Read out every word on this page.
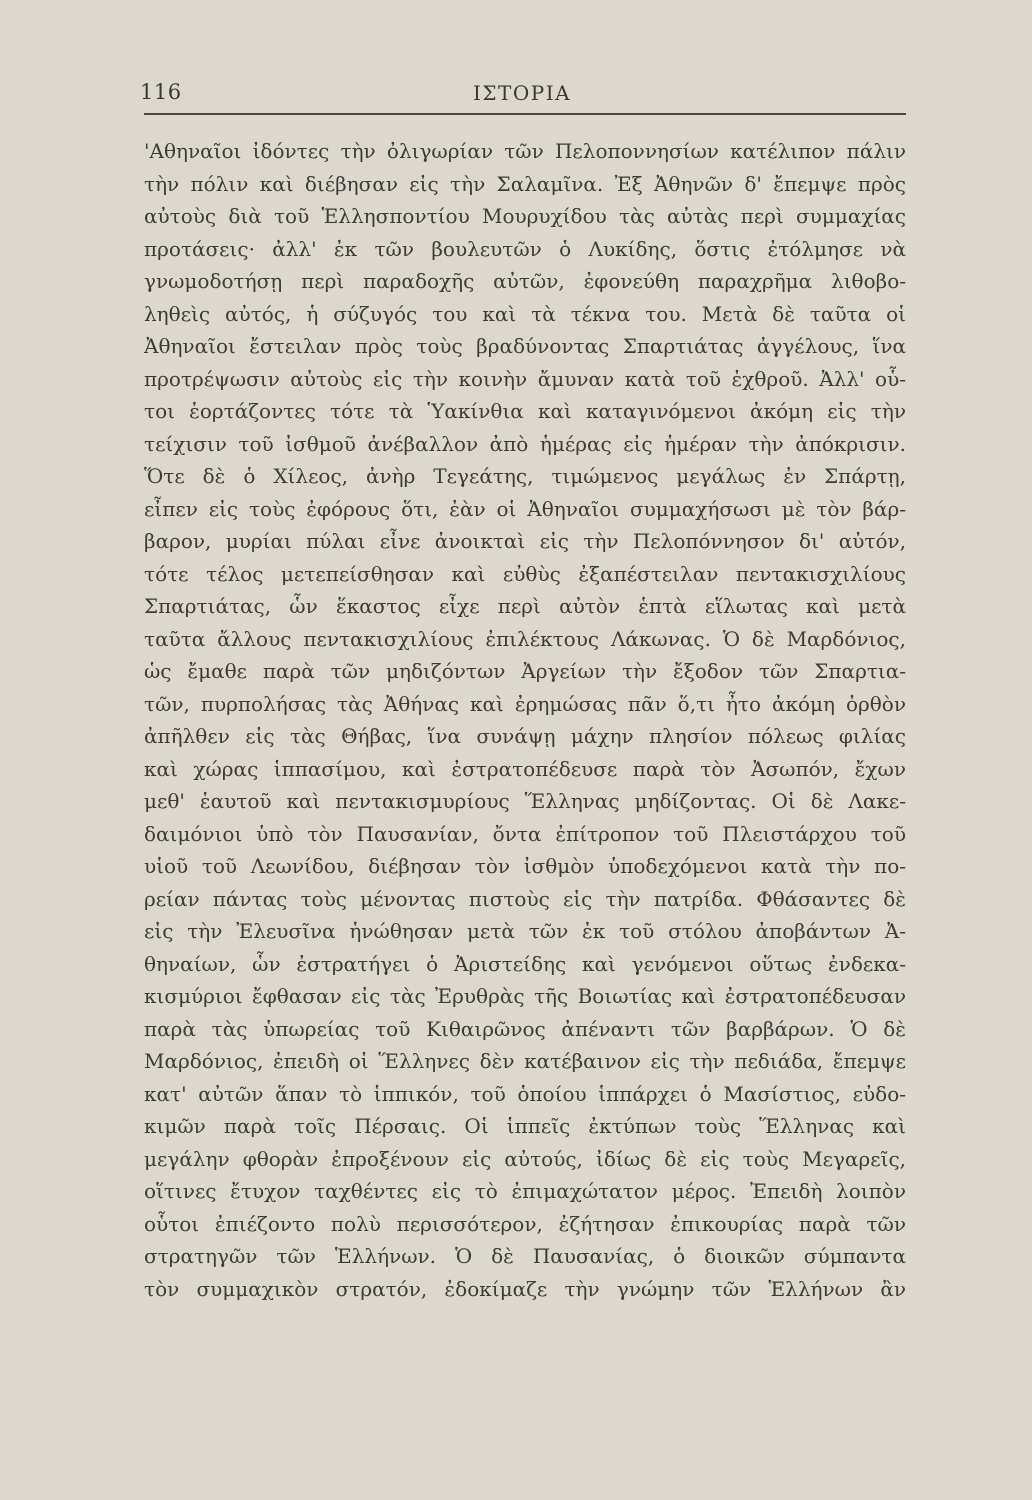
116	ΙΣΤΟΡΙΑ
'Αθηναῖοι ἰδόντες τὴν ὀλιγωρίαν τῶν Πελοποννησίων κατέλιπον πάλιν
τὴν πόλιν καὶ διέβησαν εἰς τὴν Σαλαμῖνα. Ἐξ Ἀθηνῶν δ' ἔπεμψε πρὸς
αὐτοὺς διὰ τοῦ Ἑλλησποντίου Μουρυχίδου τὰς αὐτὰς περὶ συμμαχίας
προτάσεις· ἀλλ' ἐκ τῶν βουλευτῶν ὁ Λυκίδης, ὅστις ἐτόλμησε νὰ
γνωμοδοτήσῃ περὶ παραδοχῆς αὐτῶν, ἐφονεύθη παραχρῆμα λιθοβο-
ληθεὶς αὐτός, ἡ σύζυγός του καὶ τὰ τέκνα του. Μετὰ δὲ ταῦτα οἱ
Ἀθηναῖοι ἔστειλαν πρὸς τοὺς βραδύνοντας Σπαρτιάτας ἀγγέλους, ἵνα
προτρέψωσιν αὐτοὺς εἰς τὴν κοινὴν ἄμυναν κατὰ τοῦ ἐχθροῦ. Ἀλλ' οὗ-
τοι ἑορτάζοντες τότε τὰ Ὑακίνθια καὶ καταγινόμενοι ἀκόμη εἰς τὴν
τείχισιν τοῦ ἰσθμοῦ ἀνέβαλλον ἀπὸ ἡμέρας εἰς ἡμέραν τὴν ἀπόκρισιν.
Ὅτε δὲ ὁ Χίλεος, ἀνὴρ Τεγεάτης, τιμώμενος μεγάλως ἐν Σπάρτῃ,
εἶπεν εἰς τοὺς ἐφόρους ὅτι, ἐὰν οἱ Ἀθηναῖοι συμμαχήσωσι μὲ τὸν βάρ-
βαρον, μυρίαι πύλαι εἶνε ἀνοικταὶ εἰς τὴν Πελοπόννησον δι' αὐτόν,
τότε τέλος μετεπείσθησαν καὶ εὐθὺς ἐξαπέστειλαν πεντακισχιλίους
Σπαρτιάτας, ὧν ἕκαστος εἶχε περὶ αὐτὸν ἑπτὰ εἵλωτας καὶ μετὰ
ταῦτα ἄλλους πεντακισχιλίους ἐπιλέκτους Λάκωνας. Ὁ δὲ Μαρδόνιος,
ὡς ἔμαθε παρὰ τῶν μηδιζόντων Ἀργείων τὴν ἔξοδον τῶν Σπαρτια-
τῶν, πυρπολήσας τὰς Ἀθήνας καὶ ἐρημώσας πᾶν ὅ,τι ἦτο ἀκόμη ὀρθὸν
ἀπῆλθεν εἰς τὰς Θήβας, ἵνα συνάψῃ μάχην πλησίον πόλεως φιλίας
καὶ χώρας ἱππασίμου, καὶ ἐστρατοπέδευσε παρὰ τὸν Ἀσωπόν, ἔχων
μεθ' ἑαυτοῦ καὶ πεντακισμυρίους Ἕλληνας μηδίζοντας. Οἱ δὲ Λακε-
δαιμόνιοι ὑπὸ τὸν Παυσανίαν, ὄντα ἐπίτροπον τοῦ Πλειστάρχου τοῦ
υἱοῦ τοῦ Λεωνίδου, διέβησαν τὸν ἰσθμὸν ὑποδεχόμενοι κατὰ τὴν πο-
ρείαν πάντας τοὺς μένοντας πιστοὺς εἰς τὴν πατρίδα. Φθάσαντες δὲ
εἰς τὴν Ἐλευσῖνα ἡνώθησαν μετὰ τῶν ἐκ τοῦ στόλου ἀποβάντων Ἀ-
θηναίων, ὧν ἐστρατήγει ὁ Ἀριστείδης καὶ γενόμενοι οὕτως ἐνδεκα-
κισμύριοι ἔφθασαν εἰς τὰς Ἐρυθρὰς τῆς Βοιωτίας καὶ ἐστρατοπέδευσαν
παρὰ τὰς ὑπωρείας τοῦ Κιθαιρῶνος ἀπέναντι τῶν βαρβάρων. Ὁ δὲ
Μαρδόνιος, ἐπειδὴ οἱ Ἕλληνες δὲν κατέβαινον εἰς τὴν πεδιάδα, ἔπεμψε
κατ' αὐτῶν ἅπαν τὸ ἱππικόν, τοῦ ὁποίου ἱππάρχει ὁ Μασίστιος, εὐδο-
κιμῶν παρὰ τοῖς Πέρσαις. Οἱ ἱππεῖς ἐκτύπων τοὺς Ἕλληνας καὶ
μεγάλην φθορὰν ἐπροξένουν εἰς αὐτούς, ἰδίως δὲ εἰς τοὺς Μεγαρεῖς,
οἵτινες ἔτυχον ταχθέντες εἰς τὸ ἐπιμαχώτατον μέρος. Ἐπειδὴ λοιπὸν
οὗτοι ἐπιέζοντο πολὺ περισσότερον, ἐζήτησαν ἐπικουρίας παρὰ τῶν
στρατηγῶν τῶν Ἑλλήνων. Ὁ δὲ Παυσανίας, ὁ διοικῶν σύμπαντα
τὸν συμμαχικὸν στρατόν, ἐδοκίμαζε τὴν γνώμην τῶν Ἑλλήνων ἂν
